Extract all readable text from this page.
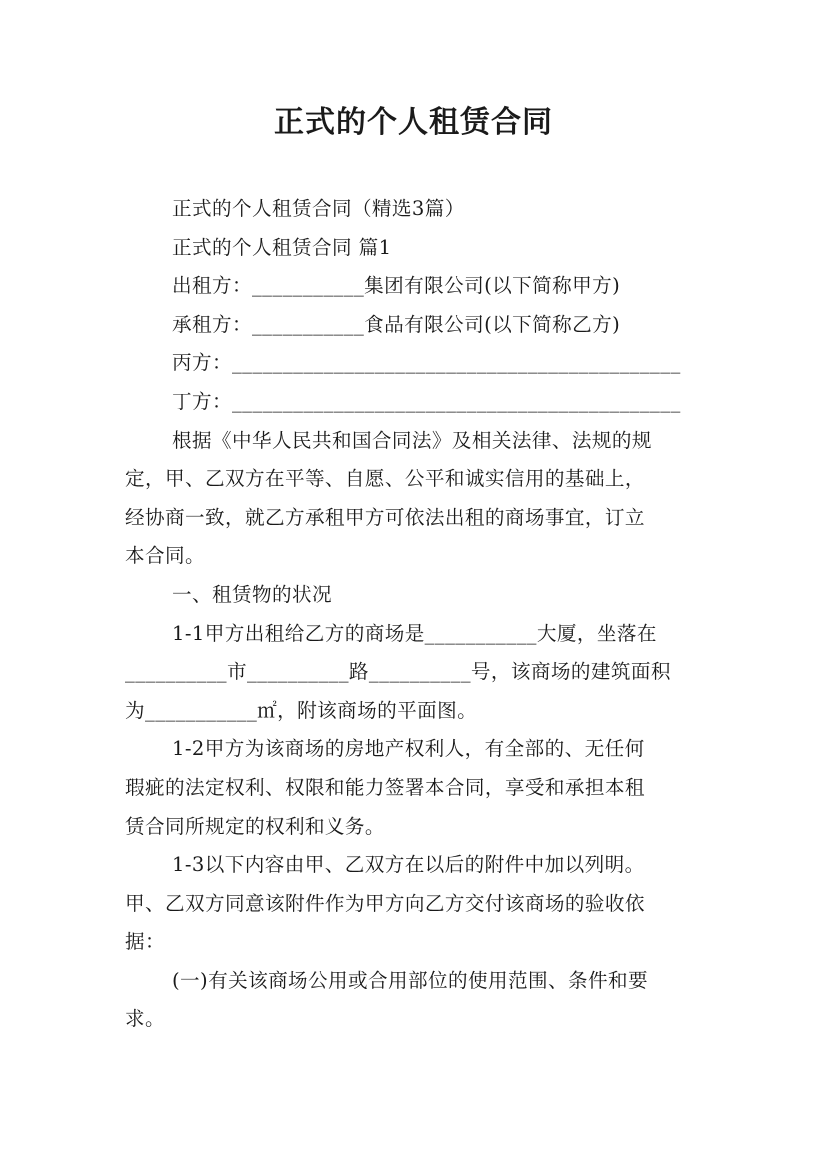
正式的个人租赁合同
正式的个人租赁合同（精选3篇）
正式的个人租赁合同 篇1
出租方：___________集团有限公司(以下简称甲方)
承租方：___________食品有限公司(以下简称乙方)
丙方：____________________________________________
丁方：____________________________________________
根据《中华人民共和国合同法》及相关法律、法规的规
定，甲、乙双方在平等、自愿、公平和诚实信用的基础上，
经协商一致，就乙方承租甲方可依法出租的商场事宜，订立
本合同。
一、租赁物的状况
1-1甲方出租给乙方的商场是___________大厦，坐落在
__________市__________路__________号，该商场的建筑面积
为___________㎡，附该商场的平面图。
1-2甲方为该商场的房地产权利人，有全部的、无任何
瑕疵的法定权利、权限和能力签署本合同，享受和承担本租
赁合同所规定的权利和义务。
1-3以下内容由甲、乙双方在以后的附件中加以列明。
甲、乙双方同意该附件作为甲方向乙方交付该商场的验收依
据：
(一)有关该商场公用或合用部位的使用范围、条件和要
求。
